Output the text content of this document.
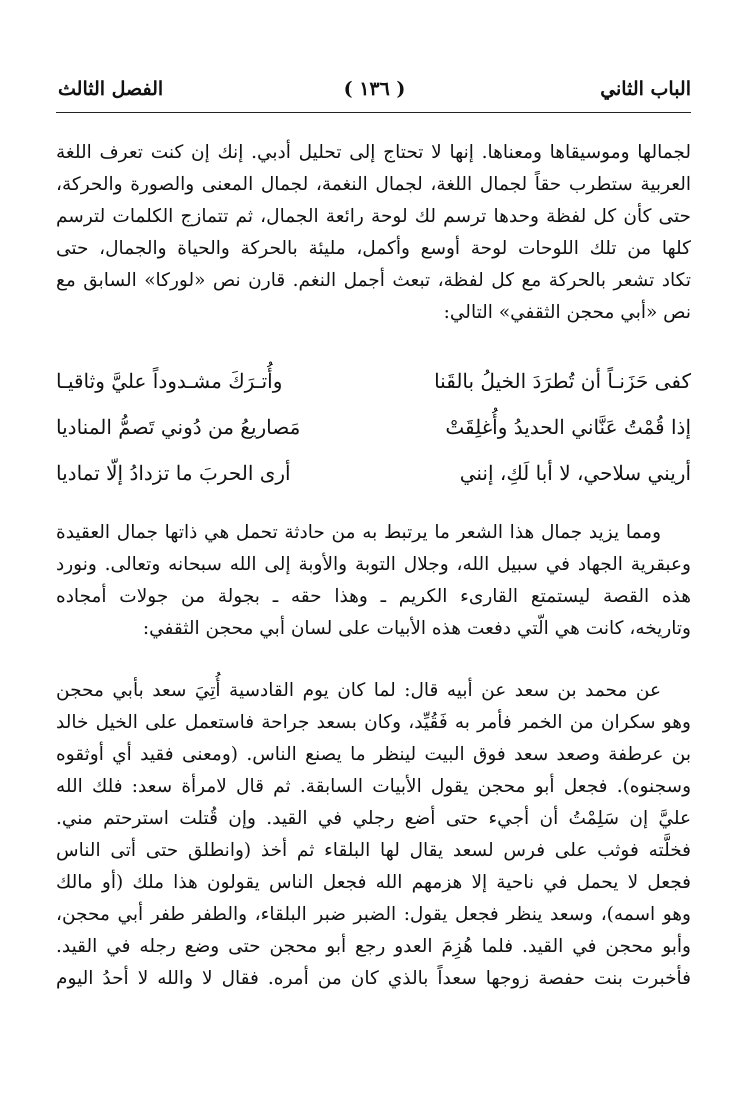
الباب الثاني
( ١٣٦ )
الفصل الثالث
لجمالها وموسيقاها ومعناها. إنها لا تحتاج إلى تحليل أدبي. إنك إن كنت تعرف اللغة
العربية ستطرب حقاً لجمال اللغة، لجمال النغمة، لجمال المعنى والصورة والحركة،
حتى كأن كل لفظة وحدها ترسم لك لوحة رائعة الجمال، ثم تتمازج الكلمات لترسم
كلها من تلك اللوحات لوحة أوسع وأكمل، مليئة بالحركة والحياة والجمال، حتى
تكاد تشعر بالحركة مع كل لفظة، تبعث أجمل النغم. قارن نص «لوركا» السابق مع
نص «أبي محجن الثقفي» التالي:
كفى حَزَنـاً أن تُطرَدَ الخيلُ بالقَنا
وأُتـرَكَ مشـدوداً عليَّ وثاقيـا
إذا قُمْتُ عَنَّاني الحديدُ وأُغلِقَتْ
مَصاريعُ من دُوني تَصمُّ المناديا
أريني سلاحي، لا أبا لَكِ، إنني
أرى الحربَ ما تزدادُ إلّا تماديا
ومما يزيد جمال هذا الشعر ما يرتبط به من حادثة تحمل هي ذاتها جمال العقيدة
وعبقرية الجهاد في سبيل الله، وجلال التوبة والأوبة إلى الله سبحانه وتعالى. ونورد
هذه القصة ليستمتع القارىء الكريم ـ وهذا حقه ـ بجولة من جولات أمجاده
وتاريخه، كانت هي الّتي دفعت هذه الأبيات على لسان أبي محجن الثقفي:
عن محمد بن سعد عن أبيه قال: لما كان يوم القادسية أُتِيَ سعد بأبي محجن
وهو سكران من الخمر فأمر به فَقُيِّد، وكان بسعد جراحة فاستعمل على الخيل خالد
بن عرطفة وصعد سعد فوق البيت لينظر ما يصنع الناس. (ومعنى فقيد أي أوثقوه
وسجنوه). فجعل أبو محجن يقول الأبيات السابقة. ثم قال لامرأة سعد: فلك الله
عليَّ إن سَلِمْتُ أن أجيء حتى أضع رجلي في القيد. وإن قُتلت استرحتم مني.
فخلَّته فوثب على فرس لسعد يقال لها البلقاء ثم أخذ (وانطلق حتى أتى الناس
فجعل لا يحمل في ناحية إلا هزمهم الله فجعل الناس يقولون هذا ملك (أو مالك
وهو اسمه)، وسعد ينظر فجعل يقول: الضبر ضبر البلقاء، والطفر طفر أبي محجن،
وأبو محجن في القيد. فلما هُزِمَ العدو رجع أبو محجن حتى وضع رجله في القيد.
فأخبرت بنت حفصة زوجها سعداً بالذي كان من أمره. فقال لا والله لا أحدُ اليوم
